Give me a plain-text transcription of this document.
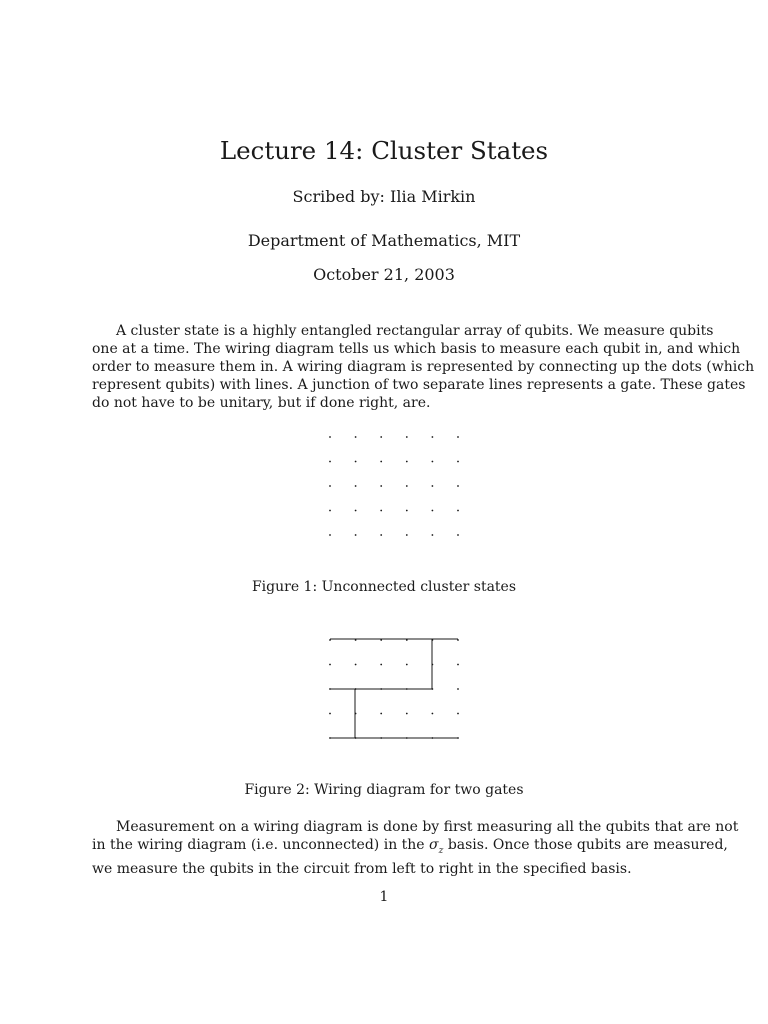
Lecture 14: Cluster States
Scribed by: Ilia Mirkin
Department of Mathematics, MIT
October 21, 2003

A cluster state is a highly entangled rectangular array of qubits. We measure qubits
one at a time. The wiring diagram tells us which basis to measure each qubit in, and which
order to measure them in. A wiring diagram is represented by connecting up the dots (which
represent qubits) with lines. A junction of two separate lines represents a gate. These gates
do not have to be unitary, but if done right, are.

Figure 1: Unconnected cluster states
Figure 2: Wiring diagram for two gates

Measurement on a wiring diagram is done by first measuring all the qubits that are not
in the wiring diagram (i.e. unconnected) in the $\sigma_z$ basis. Once those qubits are measured,
we measure the qubits in the circuit from left to right in the specified basis.

1
